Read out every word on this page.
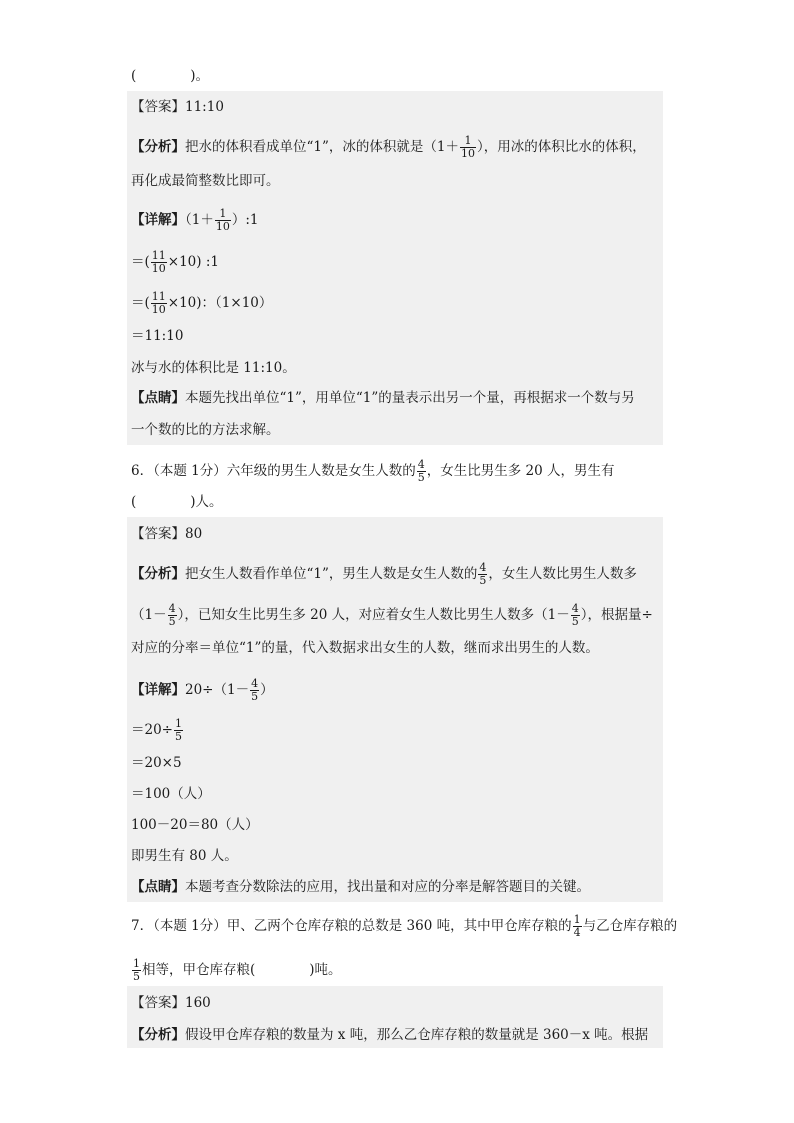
(　　　　)。
【答案】11:10
【分析】把水的体积看成单位“1”，冰的体积就是（$1+ \frac{1}{10}$ ），用冰的体积比水的体积，
再化成最简整数比即可。
【详解】（$1+ \frac{1}{10}$ ）:1
＝( $\frac{11}{10} \times 10$) :1
＝( $\frac{11}{10} \times 10$)：（1×10）
＝11:10
冰与水的体积比是 11:10。
【点睛】本题先找出单位“1”，用单位“1”的量表示出另一个量，再根据求一个数与另
一个数的比的方法求解。
6．（本题 1分）六年级的男生人数是女生人数的 $\frac{4}{5}$ ，女生比男生多 20 人，男生有
(　　　　)人。
【答案】80
【分析】把女生人数看作单位“1”，男生人数是女生人数的 $\frac{4}{5}$ ，女生人数比男生人数多
（$1- \frac{4}{5}$ ），已知女生比男生多 20 人，对应着女生人数比男生人数多（$1- \frac{4}{5}$ ），根据量÷
对应的分率＝单位“1”的量，代入数据求出女生的人数，继而求出男生的人数。
【详解】$20\div(1- \frac{4}{5}$ ）
$=20\div \frac{1}{5}$
＝20×5
＝100（人）
100－20＝80（人）
即男生有 80 人。
【点睛】本题考查分数除法的应用，找出量和对应的分率是解答题目的关键。
7．（本题 1分）甲、乙两个仓库存粮的总数是 360 吨，其中甲仓库存粮的 $\frac{1}{4}$ 与乙仓库存粮的
$\frac{1}{5}$ 相等，甲仓库存粮(　　　　)吨。
【答案】160
【分析】假设甲仓库存粮的数量为 x 吨，那么乙仓库存粮的数量就是 360－x 吨。根据
